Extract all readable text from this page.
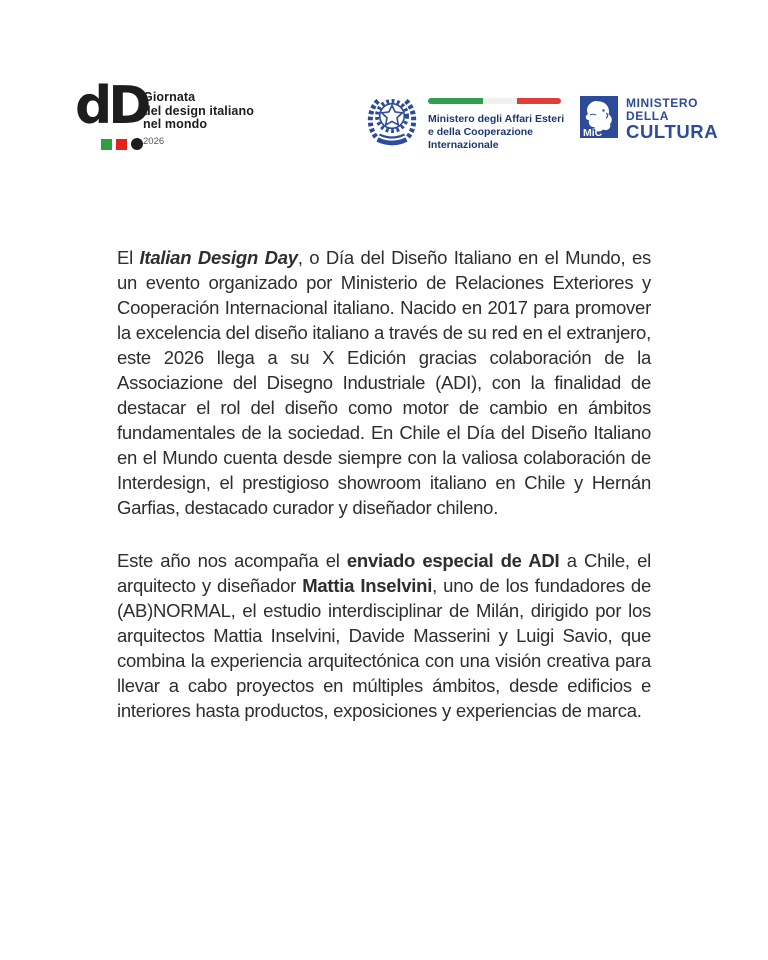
dD
Giornata
del design italiano
nel mondo
2026
Ministero degli Affari Esteri
e della Cooperazione Internazionale
MiC
MINISTERO
DELLA
CULTURA

El Italian Design Day, o Día del Diseño Italiano en el Mundo, es un evento organizado por Ministerio de Relaciones Exteriores y Cooperación Internacional italiano. Nacido en 2017 para promover la excelencia del diseño italiano a través de su red en el extranjero, este 2026 llega a su X Edición gracias colaboración de la Associazione del Disegno Industriale (ADI), con la finalidad de destacar el rol del diseño como motor de cambio en ámbitos fundamentales de la sociedad. En Chile el Día del Diseño Italiano en el Mundo cuenta desde siempre con la valiosa colaboración de Interdesign, el prestigioso showroom italiano en Chile y Hernán Garfias, destacado curador y diseñador chileno.

Este año nos acompaña el enviado especial de ADI a Chile, el arquitecto y diseñador Mattia Inselvini, uno de los fundadores de (AB)NORMAL, el estudio interdisciplinar de Milán, dirigido por los arquitectos Mattia Inselvini, Davide Masserini y Luigi Savio, que combina la experiencia arquitectónica con una visión creativa para llevar a cabo proyectos en múltiples ámbitos, desde edificios e interiores hasta productos, exposiciones y experiencias de marca.
